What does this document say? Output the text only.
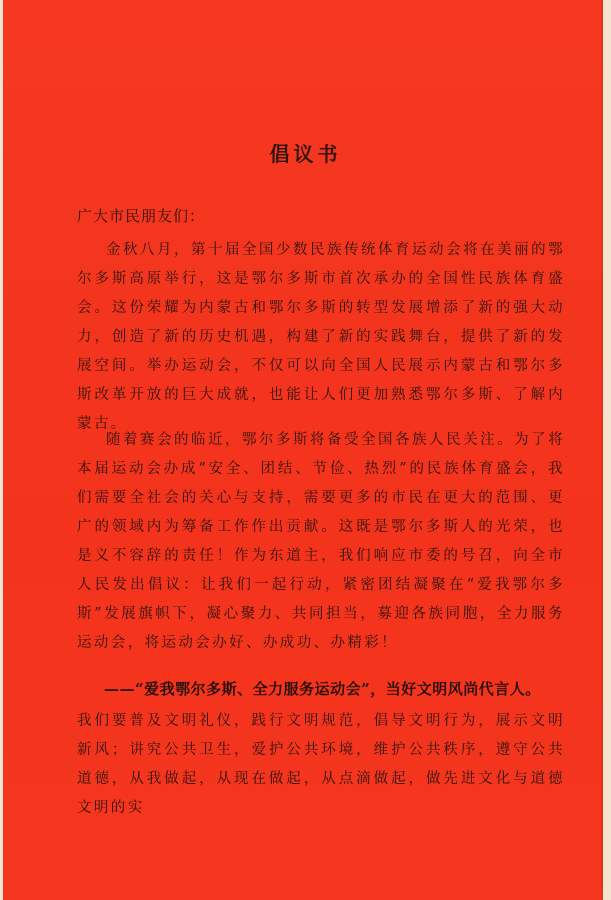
倡议书
广大市民朋友们：
金秋八月，第十届全国少数民族传统体育运动会将在美丽的鄂尔多斯高原举行，这是鄂尔多斯市首次承办的全国性民族体育盛会。这份荣耀为内蒙古和鄂尔多斯的转型发展增添了新的强大动力，创造了新的历史机遇，构建了新的实践舞台，提供了新的发展空间。举办运动会，不仅可以向全国人民展示内蒙古和鄂尔多斯改革开放的巨大成就，也能让人们更加熟悉鄂尔多斯、了解内蒙古。
随着赛会的临近，鄂尔多斯将备受全国各族人民关注。为了将本届运动会办成“安全、团结、节俭、热烈”的民族体育盛会，我们需要全社会的关心与支持，需要更多的市民在更大的范围、更广的领域内为筹备工作作出贡献。这既是鄂尔多斯人的光荣，也是义不容辞的责任！作为东道主，我们响应市委的号召，向全市人民发出倡议：让我们一起行动，紧密团结凝聚在“爱我鄂尔多斯”发展旗帜下，凝心聚力、共同担当，募迎各族同胞，全力服务运动会，将运动会办好、办成功、办精彩！
——“爱我鄂尔多斯、全力服务运动会”，当好文明风尚代言人。
我们要普及文明礼仪，践行文明规范，倡导文明行为，展示文明新风；讲究公共卫生，爱护公共环境，维护公共秩序，遵守公共道德，从我做起，从现在做起，从点滴做起，做先进文化与道德文明的实
